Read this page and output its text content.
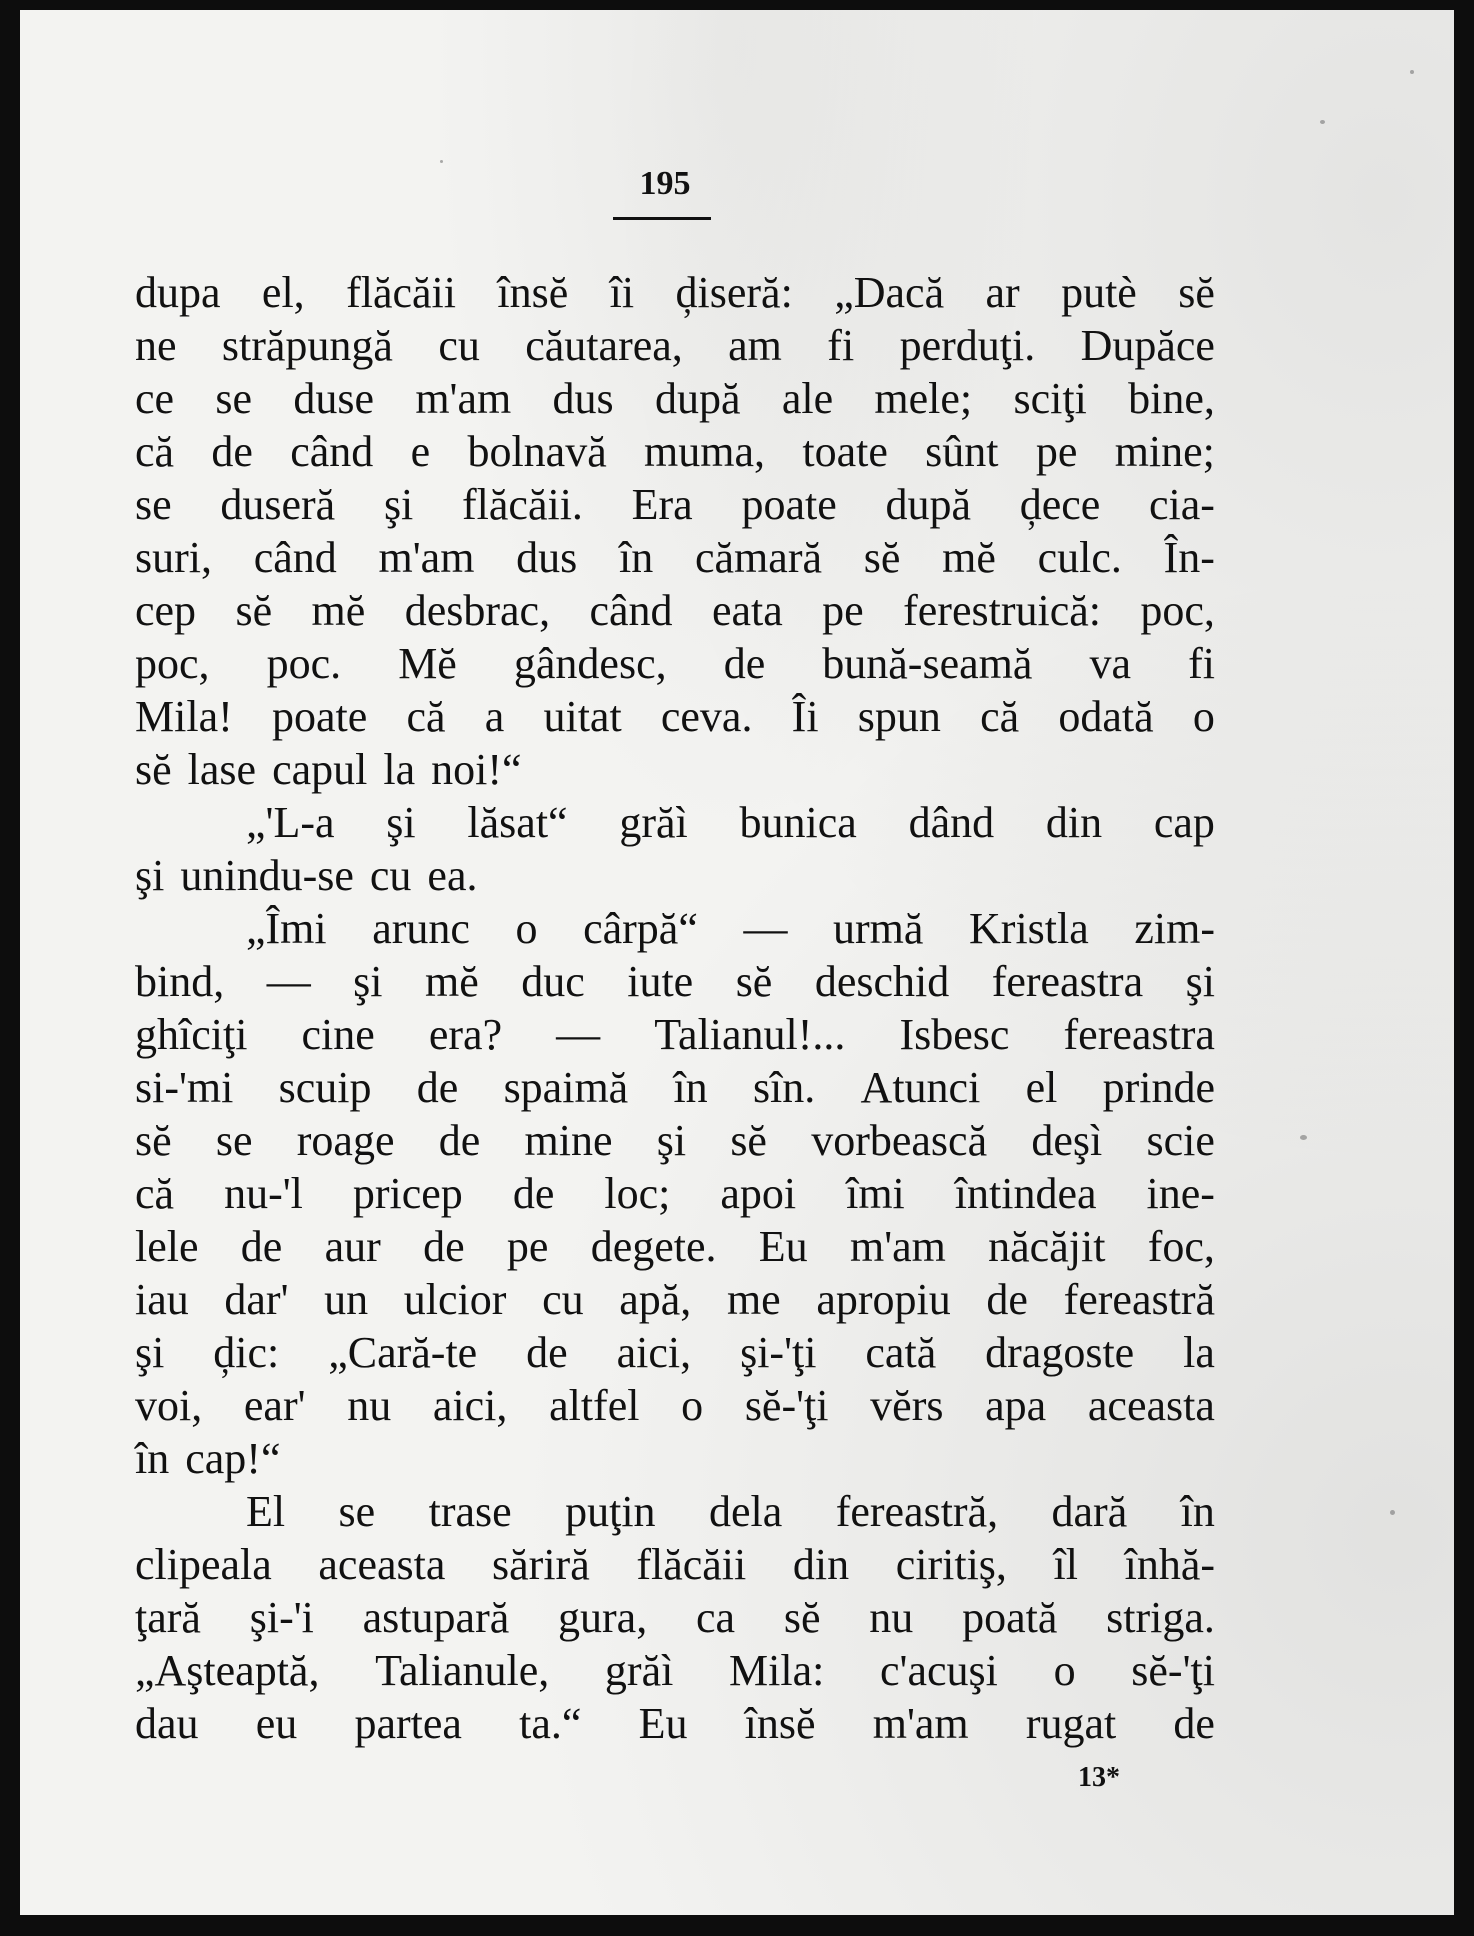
195
dupa el, flăcăii însĕ îi ḑiseră: „Dacă ar putè sĕ
ne străpungă cu căutarea, am fi perduţi. Dupăce
ce se duse m'am dus după ale mele; sciţi bine,
că de când e bolnavă muma, toate sûnt pe mine;
se duseră şi flăcăii. Era poate după ḑece cia-
suri, când m'am dus în cămară sĕ mĕ culc. În-
cep sĕ mĕ desbrac, când eata pe ferestruică: poc,
poc, poc. Mĕ gândesc, de bună-seamă va fi
Mila! poate că a uitat ceva. Îi spun că odată o
sĕ lase capul la noi!“
„'L-a şi lăsat“ grăì bunica dând din cap
şi unindu-se cu ea.
„Îmi arunc o cârpă“ — urmă Kristla zim-
bind, — şi mĕ duc iute sĕ deschid fereastra şi
ghîciţi cine era? — Talianul!... Isbesc fereastra
si-'mi scuip de spaimă în sîn. Atunci el prinde
sĕ se roage de mine şi sĕ vorbească deşì scie
că nu-'l pricep de loc; apoi îmi întindea ine-
lele de aur de pe degete. Eu m'am năcăjit foc,
iau dar' un ulcior cu apă, me apropiu de fereastră
şi ḑic: „Cară-te de aici, şi-'ţi cată dragoste la
voi, ear' nu aici, altfel o sĕ-'ţi vĕrs apa aceasta
în cap!“
El se trase puţin dela fereastră, dară în
clipeala aceasta săriră flăcăii din ciritiş, îl înhă-
ţară şi-'i astupară gura, ca sĕ nu poată striga.
„Aşteaptă, Talianule, grăì Mila: c'acuşi o sĕ-'ţi
dau eu partea ta.“ Eu însĕ m'am rugat de
13*
